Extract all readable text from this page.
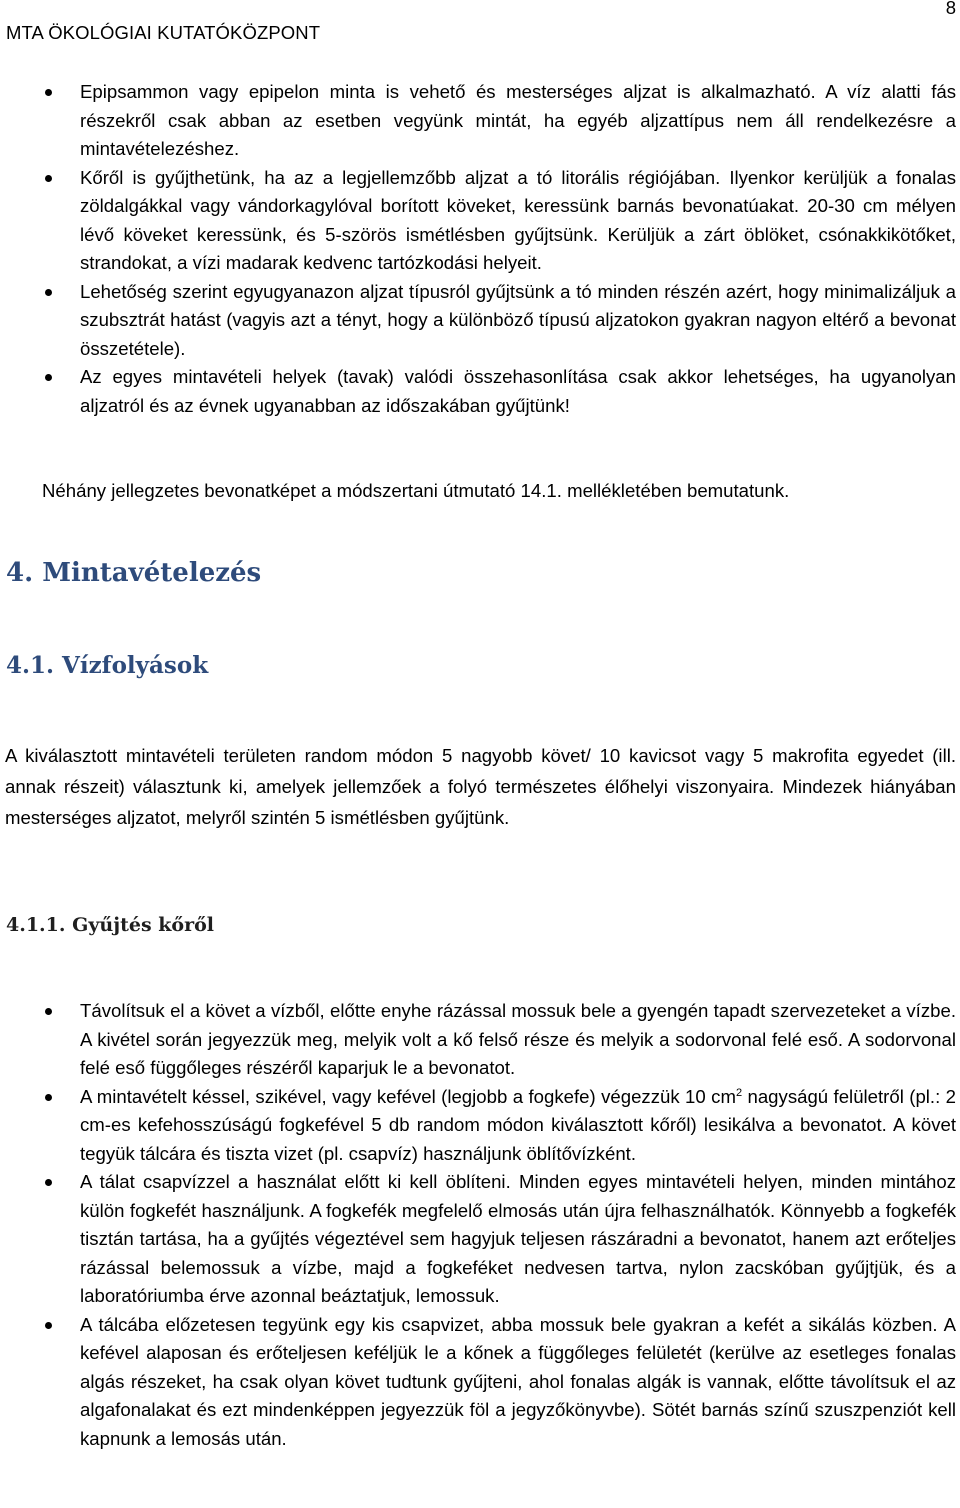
MTA ÖKOLÓGIAI KUTATÓKÖZPONT
8
Epipsammon vagy epipelon minta is vehető és mesterséges aljzat is alkalmazható. A víz alatti fás részekről csak abban az esetben vegyünk mintát, ha egyéb aljzattípus nem áll rendelkezésre a mintavételezéshez.
Kőről is gyűjthetünk, ha az a legjellemzőbb aljzat a tó litorális régiójában. Ilyenkor kerüljük a fonalas zöldalgákkal vagy vándorkagylóval borított köveket, keressünk barnás bevonatúakat. 20-30 cm mélyen lévő köveket keressünk, és 5-szörös ismétlésben gyűjtsünk. Kerüljük a zárt öblöket, csónakkikötőket, strandokat, a vízi madarak kedvenc tartózkodási helyeit.
Lehetőség szerint egyugyanazon aljzat típusról gyűjtsünk a tó minden részén azért, hogy minimalizáljuk a szubsztrát hatást (vagyis azt a tényt, hogy a különböző típusú aljzatokon gyakran nagyon eltérő a bevonat összetétele).
Az egyes mintavételi helyek (tavak) valódi összehasonlítása csak akkor lehetséges, ha ugyanolyan aljzatról és az évnek ugyanabban az időszakában gyűjtünk!
Néhány jellegzetes bevonatképet a módszertani útmutató 14.1. mellékletében bemutatunk.
4. Mintavételezés
4.1. Vízfolyások
A kiválasztott mintavételi területen random módon 5 nagyobb követ/ 10 kavicsot vagy 5 makrofita egyedet (ill. annak részeit) választunk ki, amelyek jellemzőek a folyó természetes élőhelyi viszonyaira. Mindezek hiányában mesterséges aljzatot, melyről szintén 5 ismétlésben gyűjtünk.
4.1.1. Gyűjtés kőről
Távolítsuk el a követ a vízből, előtte enyhe rázással mossuk bele a gyengén tapadt szervezeteket a vízbe. A kivétel során jegyezzük meg, melyik volt a kő felső része és melyik a sodorvonal felé eső. A sodorvonal felé eső függőleges részéről kaparjuk le a bevonatot.
A mintavételt késsel, szikével, vagy kefével (legjobb a fogkefe) végezzük 10 $cm^2$ nagyságú felületről (pl.: 2 cm-es kefehosszúságú fogkefével 5 db random módon kiválasztott kőről) lesikálva a bevonatot. A követ tegyük tálcára és tiszta vizet (pl. csapvíz) használjunk öblítővízként.
A tálat csapvízzel a használat előtt ki kell öblíteni. Minden egyes mintavételi helyen, minden mintához külön fogkefét használjunk. A fogkefék megfelelő elmosás után újra felhasználhatók. Könnyebb a fogkefék tisztán tartása, ha a gyűjtés végeztével sem hagyjuk teljesen rászáradni a bevonatot, hanem azt erőteljes rázással belemossuk a vízbe, majd a fogkeféket nedvesen tartva, nylon zacskóban gyűjtjük, és a laboratóriumba érve azonnal beáztatjuk, lemossuk.
A tálcába előzetesen tegyünk egy kis csapvizet, abba mossuk bele gyakran a kefét a sikálás közben. A kefével alaposan és erőteljesen keféljük le a kőnek a függőleges felületét (kerülve az esetleges fonalas algás részeket, ha csak olyan követ tudtunk gyűjteni, ahol fonalas algák is vannak, előtte távolítsuk el az algafonalakat és ezt mindenképpen jegyezzük föl a jegyzőkönyvbe). Sötét barnás színű szuszpenziót kell kapnunk a lemosás után.
